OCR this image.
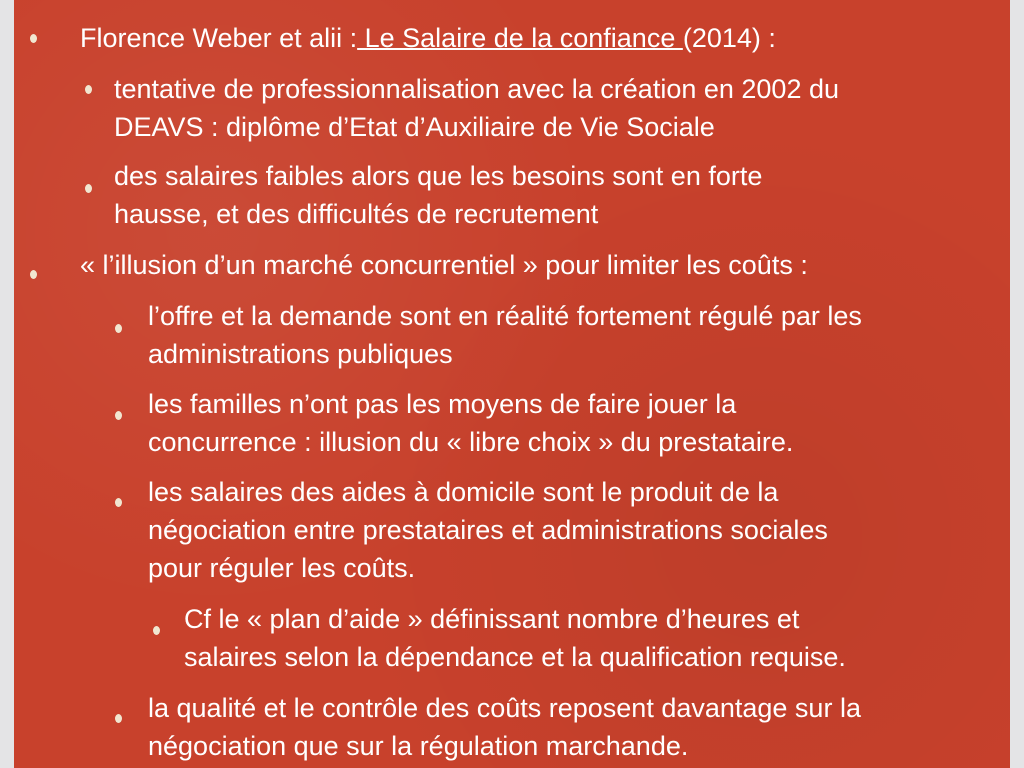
Florence Weber et alii : Le Salaire de la confiance (2014) :
tentative de professionnalisation avec la création en 2002 du
DEAVS : diplôme d’Etat d’Auxiliaire de Vie Sociale
des salaires faibles alors que les besoins sont en forte
hausse, et des difficultés de recrutement
« l’illusion d’un marché concurrentiel » pour limiter les coûts :
l’offre et la demande sont en réalité fortement régulé par les
administrations publiques
les familles n’ont pas les moyens de faire jouer la
concurrence : illusion du « libre choix » du prestataire.
les salaires des aides à domicile sont le produit de la
négociation entre prestataires et administrations sociales
pour réguler les coûts.
Cf le « plan d’aide » définissant nombre d’heures et
salaires selon la dépendance et la qualification requise.
la qualité et le contrôle des coûts reposent davantage sur la
négociation que sur la régulation marchande.
